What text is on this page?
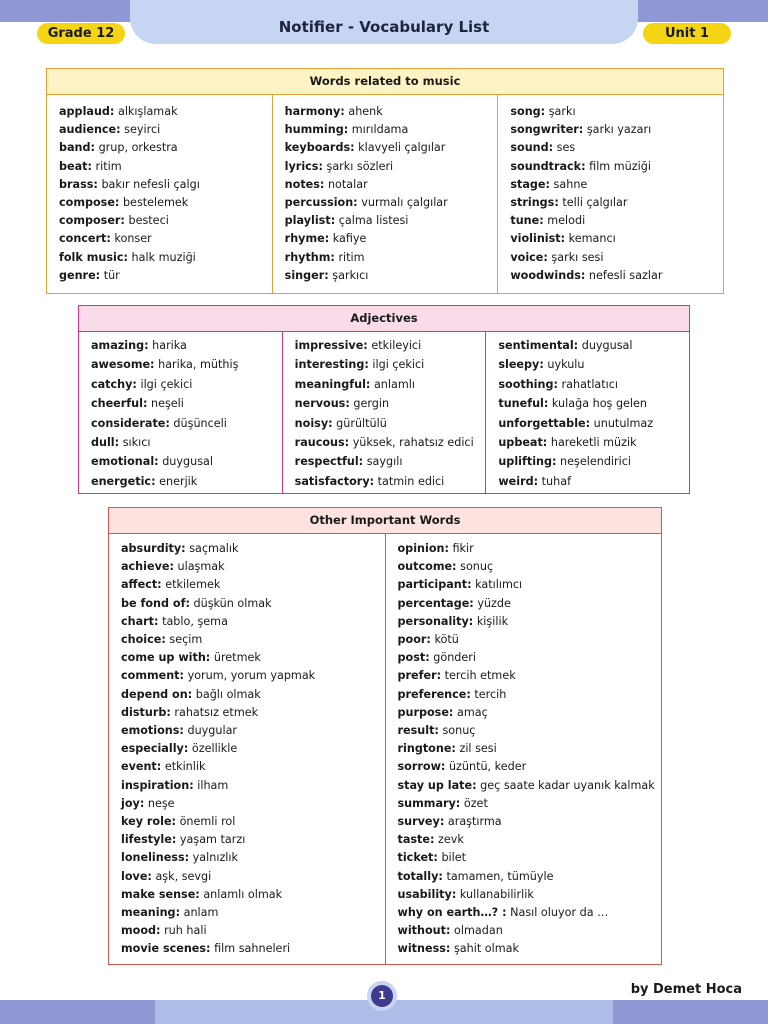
Notifier - Vocabulary List
Grade 12	Unit 1
Words related to music
applaud: alkışlamak
audience: seyirci
band: grup, orkestra
beat: ritim
brass: bakır nefesli çalgı
compose: bestelemek
composer: besteci
concert: konser
folk music: halk muziği
genre: tür
harmony: ahenk
humming: mırıldama
keyboards: klavyeli çalgılar
lyrics: şarkı sözleri
notes: notalar
percussion: vurmalı çalgılar
playlist: çalma listesi
rhyme: kafiye
rhythm: ritim
singer: şarkıcı
song: şarkı
songwriter: şarkı yazarı
sound: ses
soundtrack: film müziği
stage: sahne
strings: telli çalgılar
tune: melodi
violinist: kemancı
voice: şarkı sesi
woodwinds: nefesli sazlar
Adjectives
amazing: harika
awesome: harika, müthiş
catchy: ilgi çekici
cheerful: neşeli
considerate: düşünceli
dull: sıkıcı
emotional: duygusal
energetic: enerjik
impressive: etkileyici
interesting: ilgi çekici
meaningful: anlamlı
nervous: gergin
noisy: gürültülü
raucous: yüksek, rahatsız edici
respectful: saygılı
satisfactory: tatmin edici
sentimental: duygusal
sleepy: uykulu
soothing: rahatlatıcı
tuneful: kulağa hoş gelen
unforgettable: unutulmaz
upbeat: hareketli müzik
uplifting: neşelendirici
weird: tuhaf
Other Important Words
absurdity: saçmalık
achieve: ulaşmak
affect: etkilemek
be fond of: düşkün olmak
chart: tablo, şema
choice: seçim
come up with: üretmek
comment: yorum, yorum yapmak
depend on: bağlı olmak
disturb: rahatsız etmek
emotions: duygular
especially: özellikle
event: etkinlik
inspiration: ilham
joy: neşe
key role: önemli rol
lifestyle: yaşam tarzı
loneliness: yalnızlık
love: aşk, sevgi
make sense: anlamlı olmak
meaning: anlam
mood: ruh hali
movie scenes: film sahneleri
opinion: fikir
outcome: sonuç
participant: katılımcı
percentage: yüzde
personality: kişilik
poor: kötü
post: gönderi
prefer: tercih etmek
preference: tercih
purpose: amaç
result: sonuç
ringtone: zil sesi
sorrow: üzüntü, keder
stay up late: geç saate kadar uyanık kalmak
summary: özet
survey: araştırma
taste: zevk
ticket: bilet
totally: tamamen, tümüyle
usability: kullanabilirlik
why on earth…? : Nasıl oluyor da …
without: olmadan
witness: şahit olmak
1	by Demet Hoca
